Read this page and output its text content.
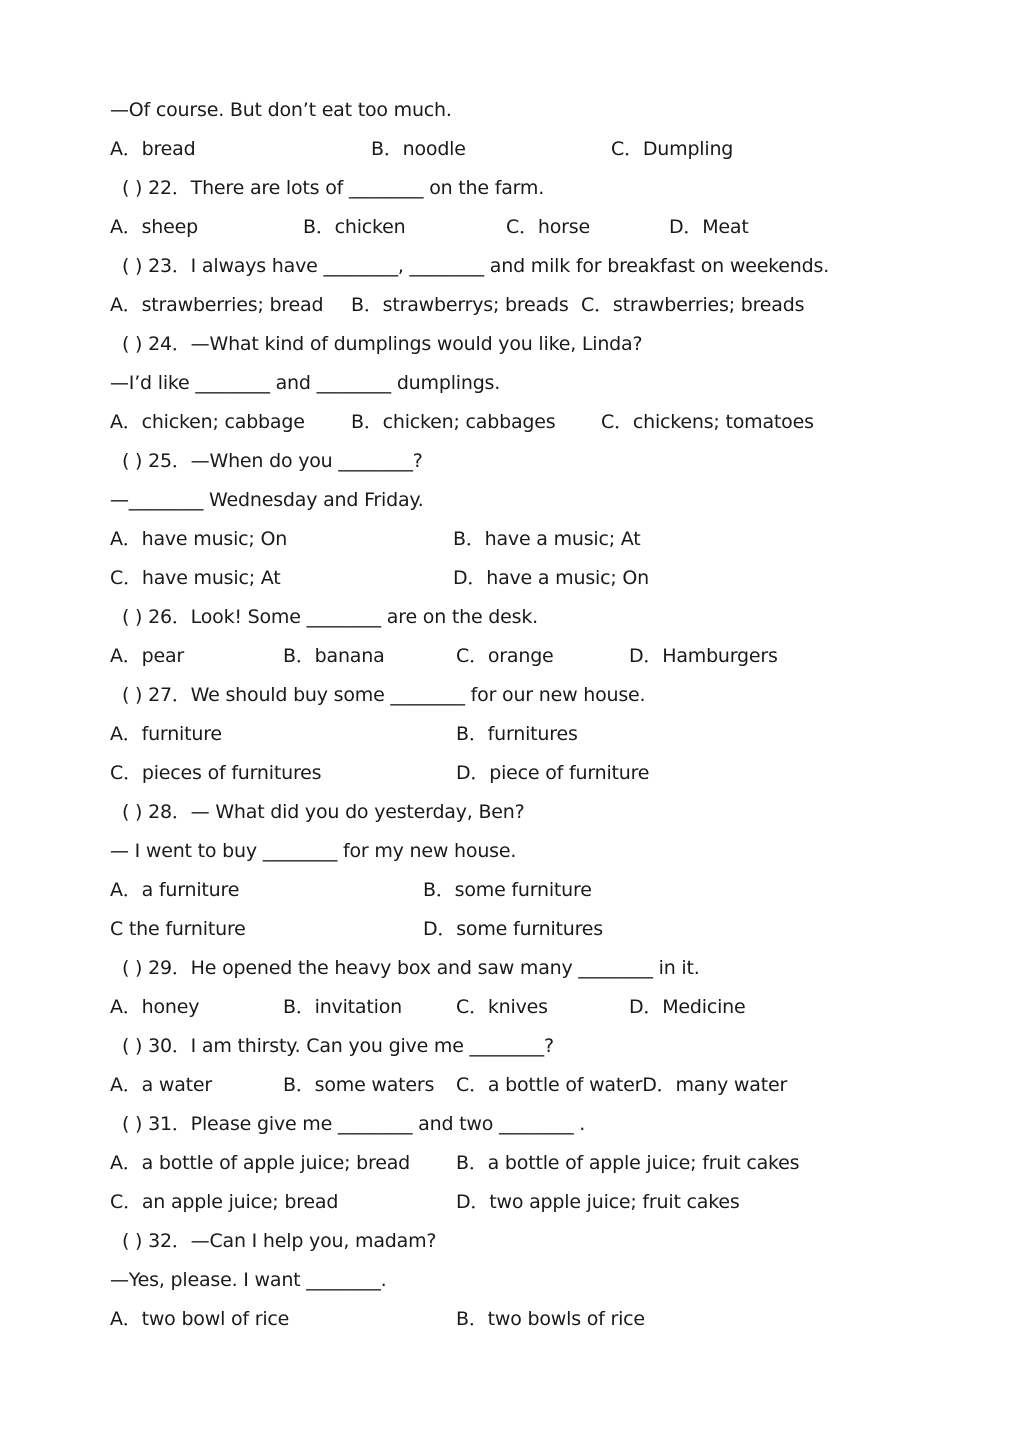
—Of course. But don’t eat too much.
A．bread	B．noodle	C．Dumpling
( ) 22．There are lots of ________ on the farm.
A．sheep	B．chicken	C．horse	D．Meat
( ) 23．I always have ________, ________ and milk for breakfast on weekends.
A．strawberries; bread B．strawberrys; breads C．strawberries; breads
( ) 24．—What kind of dumplings would you like, Linda?
—I’d like ________ and ________ dumplings.
A．chicken; cabbage B．chicken; cabbages C．chickens; tomatoes
( ) 25．—When do you ________?
—________ Wednesday and Friday.
A．have music; On	B．have a music; At
C．have music; At	D．have a music; On
( ) 26．Look! Some ________ are on the desk.
A．pear	B．banana	C．orange	D．Hamburgers
( ) 27．We should buy some ________ for our new house.
A．furniture	B．furnitures
C．pieces of furnitures	D．piece of furniture
( ) 28．— What did you do yesterday, Ben?
— I went to buy ________ for my new house.
A．a furniture	B．some furniture
C the furniture	D．some furnitures
( ) 29．He opened the heavy box and saw many ________ in it.
A．honey	B．invitation	C．knives	D．Medicine
( ) 30．I am thirsty. Can you give me ________?
A．a water	B．some waters C．a bottle of waterD．many water
( ) 31．Please give me ________ and two ________ .
A．a bottle of apple juice; bread B．a bottle of apple juice; fruit cakes
C．an apple juice; bread	D．two apple juice; fruit cakes
( ) 32．—Can I help you, madam?
—Yes, please. I want ________.
A．two bowl of rice	B．two bowls of rice
